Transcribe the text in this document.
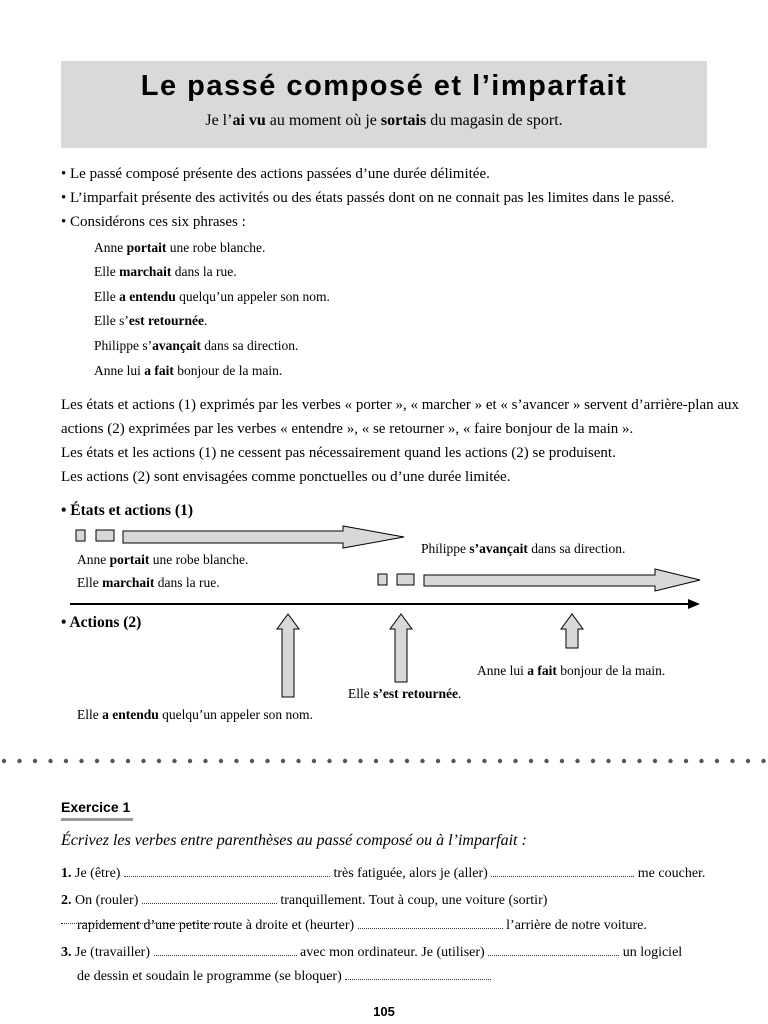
Le passé composé et l’imparfait
Je l’ai vu au moment où je sortais du magasin de sport.
• Le passé composé présente des actions passées d’une durée délimitée.
• L’imparfait présente des activités ou des états passés dont on ne connait pas les limites dans le passé.
• Considérons ces six phrases :
Anne portait une robe blanche.
Elle marchait dans la rue.
Elle a entendu quelqu’un appeler son nom.
Elle s’est retournée.
Philippe s’avançait dans sa direction.
Anne lui a fait bonjour de la main.
Les états et actions (1) exprimés par les verbes « porter », « marcher » et « s’avancer » servent d’arrière-plan aux
actions (2) exprimées par les verbes « entendre », « se retourner », « faire bonjour de la main ».
Les états et les actions (1) ne cessent pas nécessairement quand les actions (2) se produisent.
Les actions (2) sont envisagées comme ponctuelles ou d’une durée limitée.
• États et actions (1)
• Actions (2)
Anne portait une robe blanche.
Elle marchait dans la rue.
Philippe s’avançait dans sa direction.
Elle a entendu quelqu’un appeler son nom.
Elle s’est retournée.
Anne lui a fait bonjour de la main.
Exercice 1
Écrivez les verbes entre parenthèses au passé composé ou à l’imparfait :
1. Je (être)	très fatiguée, alors je (aller)	me coucher.
2. On (rouler)	tranquillement. Tout à coup, une voiture (sortir)
rapidement d’une petite route à droite et (heurter)	l’arrière de notre voiture.
3. Je (travailler)	avec mon ordinateur. Je (utiliser)	un logiciel
de dessin et soudain le programme (se bloquer)
105
